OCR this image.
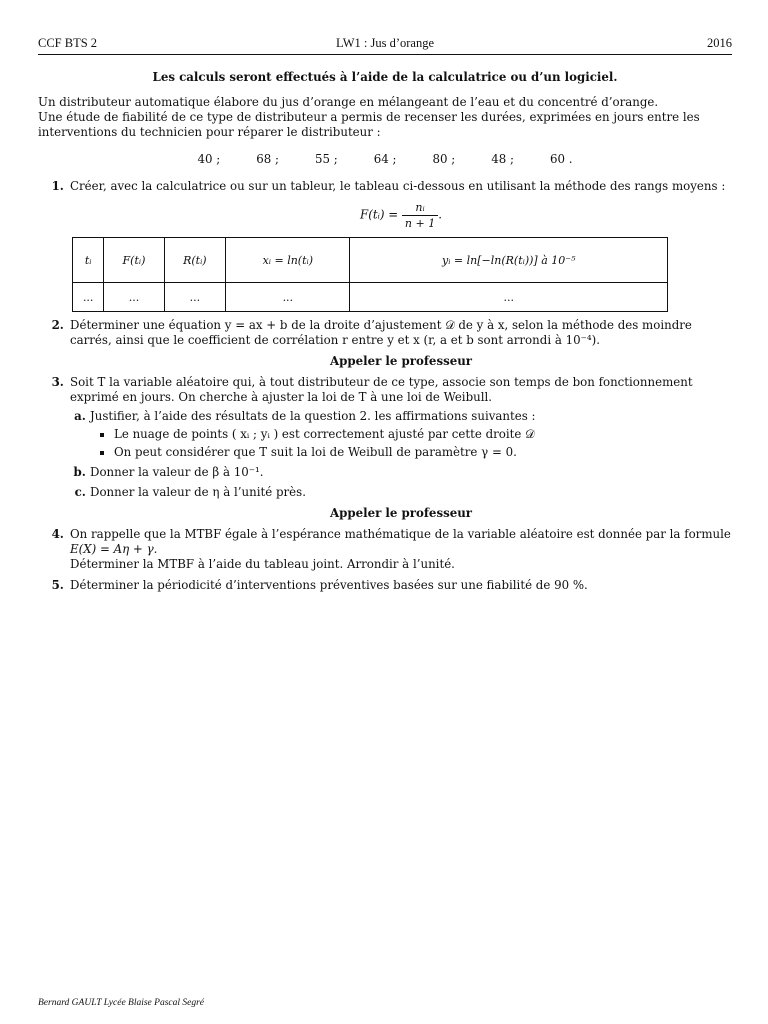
CCF BTS 2	LW1 : Jus d’orange	2016
Les calculs seront effectués à l’aide de la calculatrice ou d’un logiciel.

Un distributeur automatique élabore du jus d’orange en mélangeant de l’eau et du concentré d’orange.

Une étude de fiabilité de ce type de distributeur a permis de recenser les durées, exprimées en jours entre les interventions du technicien pour réparer le distributeur :

40 ;	68 ;	55 ;	64 ;	80 ;	48 ;	60 .
1. Créer, avec la calculatrice ou sur un tableur, le tableau ci-dessous en utilisant la méthode des rangs moyens :
F(tᵢ) = $\frac{\text{nᵢ}}{n + 1}$ .
tᵢ	F(tᵢ)	R(tᵢ)	xᵢ = ln(tᵢ)	yᵢ = ln[−ln(R(tᵢ))] à 10⁻⁵
...	...	...	...	...
2. Déterminer une équation y = ax + b de la droite d’ajustement 𝒟 de y à x, selon la méthode des moindre carrés, ainsi que le coefficient de corrélation r entre y et x (r, a et b sont arrondi à 10⁻⁴).
Appeler le professeur
3. Soit T la variable aléatoire qui, à tout distributeur de ce type, associe son temps de bon fonctionnement exprimé en jours. On cherche à ajuster la loi de T à une loi de Weibull.
a. Justifier, à l’aide des résultats de la question 2. les affirmations suivantes :
▪ Le nuage de points ( xᵢ ; yᵢ ) est correctement ajusté par cette droite 𝒟
▪ On peut considérer que T suit la loi de Weibull de paramètre γ = 0.
b. Donner la valeur de β à 10⁻¹.
c. Donner la valeur de η à l’unité près.
Appeler le professeur
4. On rappelle que la MTBF égale à l’espérance mathématique de la variable aléatoire est donnée par la formule
E(X) = Aη + γ.
Déterminer la MTBF à l’aide du tableau joint. Arrondir à l’unité.
5. Déterminer la périodicité d’interventions préventives basées sur une fiabilité de 90 %.
Bernard GAULT Lycée Blaise Pascal Segré
